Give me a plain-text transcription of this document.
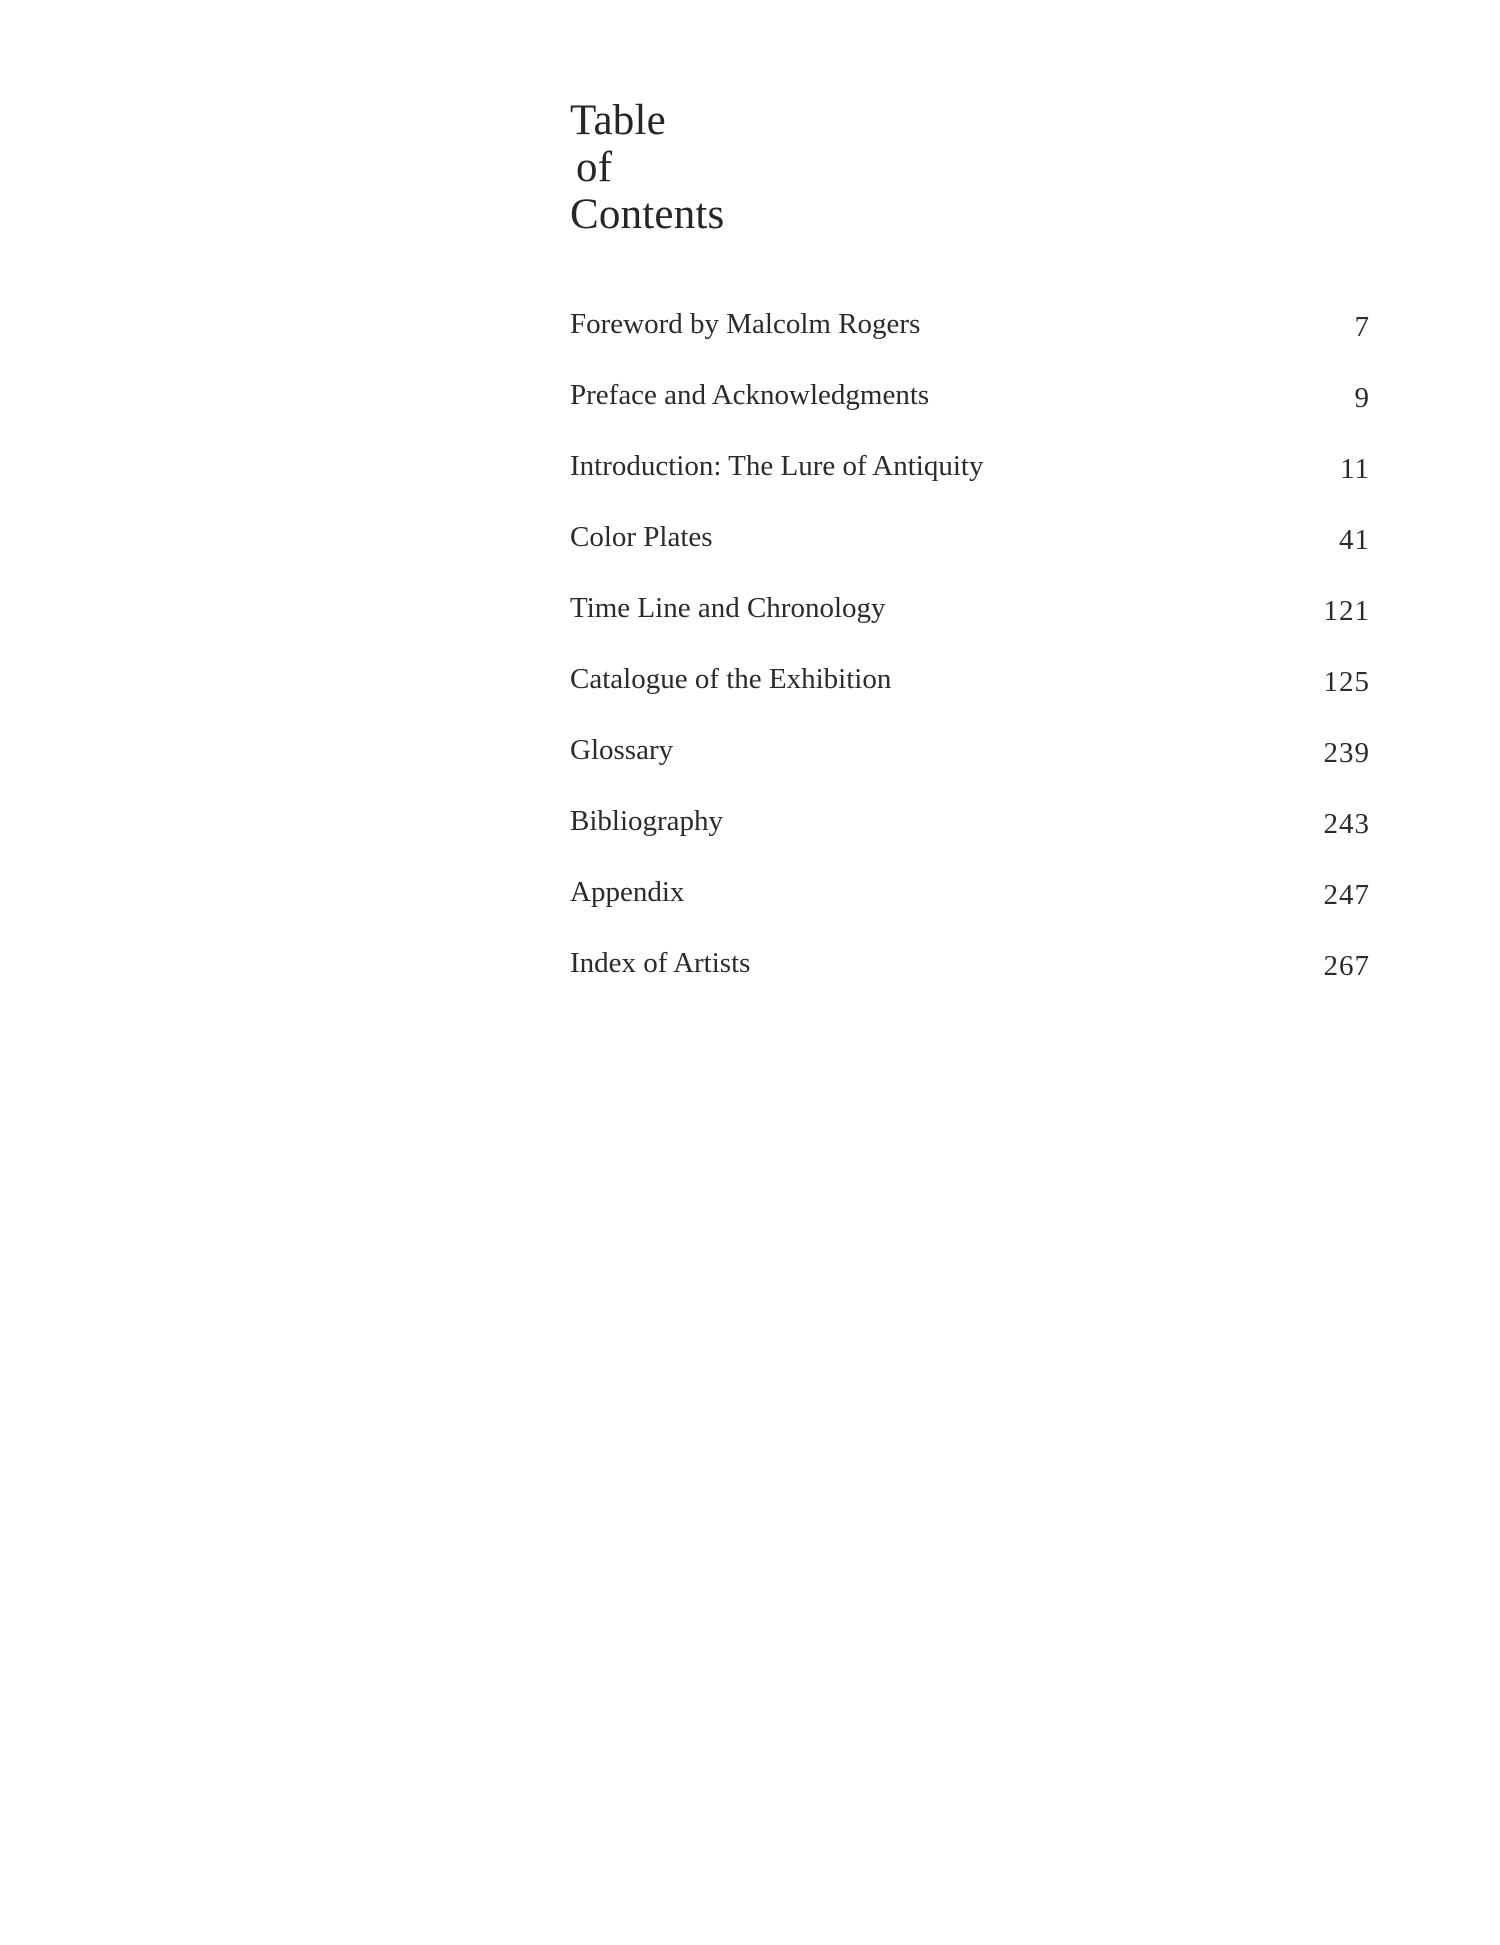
Table
of
Contents
Foreword by Malcolm Rogers	7
Preface and Acknowledgments	9
Introduction: The Lure of Antiquity	11
Color Plates	41
Time Line and Chronology	121
Catalogue of the Exhibition	125
Glossary	239
Bibliography	243
Appendix	247
Index of Artists	267
